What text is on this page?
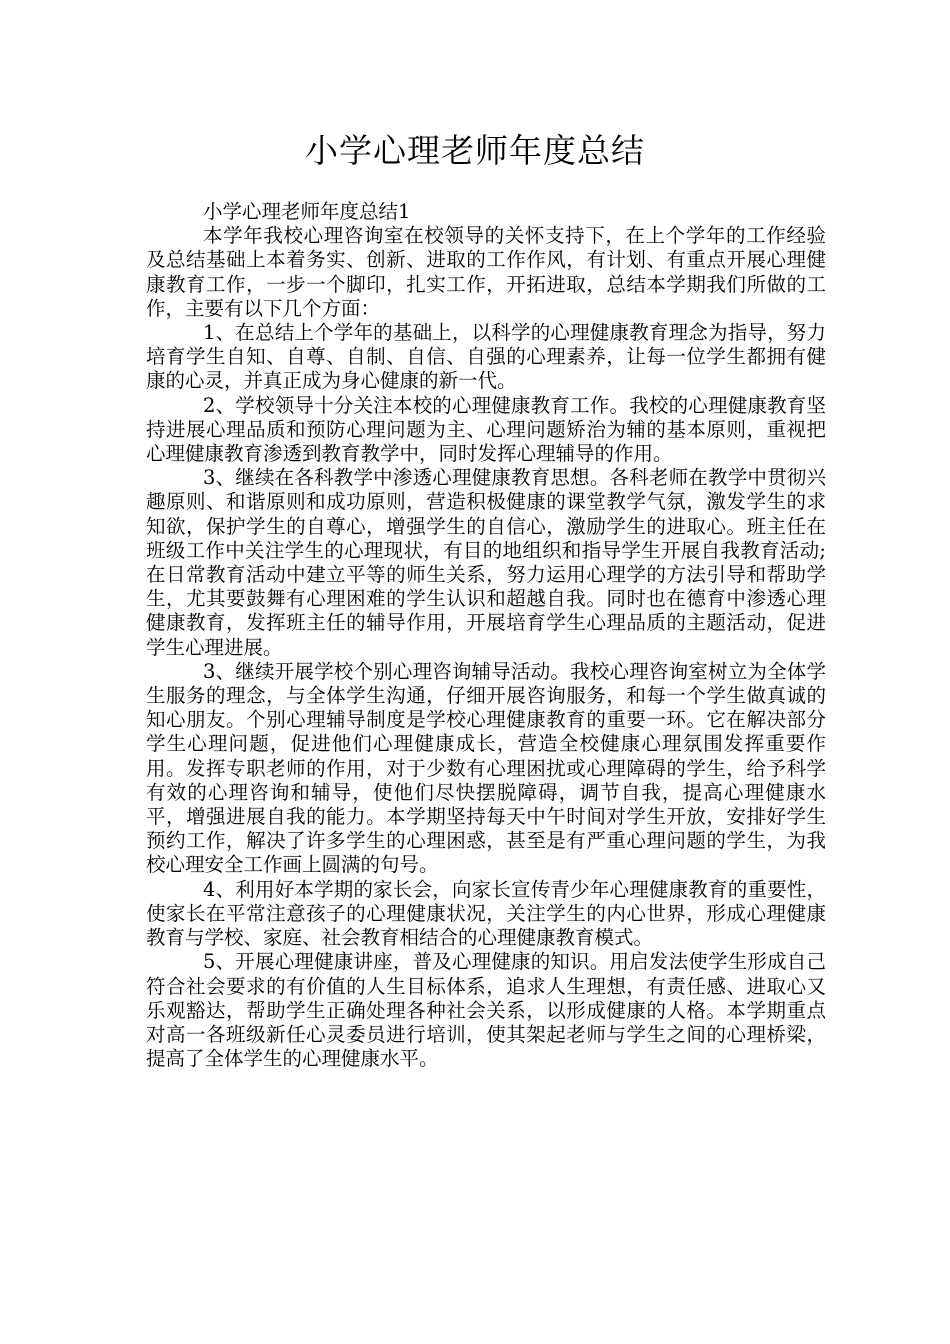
小学心理老师年度总结

小学心理老师年度总结1

本学年我校心理咨询室在校领导的关怀支持下，在上个学年的工作经验及总结基础上本着务实、创新、进取的工作作风，有计划、有重点开展心理健康教育工作，一步一个脚印，扎实工作，开拓进取，总结本学期我们所做的工作，主要有以下几个方面：

1、在总结上个学年的基础上，以科学的心理健康教育理念为指导，努力培育学生自知、自尊、自制、自信、自强的心理素养，让每一位学生都拥有健康的心灵，并真正成为身心健康的新一代。

2、学校领导十分关注本校的心理健康教育工作。我校的心理健康教育坚持进展心理品质和预防心理问题为主、心理问题矫治为辅的基本原则，重视把心理健康教育渗透到教育教学中，同时发挥心理辅导的作用。

3、继续在各科教学中渗透心理健康教育思想。各科老师在教学中贯彻兴趣原则、和谐原则和成功原则，营造积极健康的课堂教学气氛，激发学生的求知欲，保护学生的自尊心，增强学生的自信心，激励学生的进取心。班主任在班级工作中关注学生的心理现状，有目的地组织和指导学生开展自我教育活动;在日常教育活动中建立平等的师生关系，努力运用心理学的方法引导和帮助学生，尤其要鼓舞有心理困难的学生认识和超越自我。同时也在德育中渗透心理健康教育，发挥班主任的辅导作用，开展培育学生心理品质的主题活动，促进学生心理进展。

3、继续开展学校个别心理咨询辅导活动。我校心理咨询室树立为全体学生服务的理念，与全体学生沟通，仔细开展咨询服务，和每一个学生做真诚的知心朋友。个别心理辅导制度是学校心理健康教育的重要一环。它在解决部分学生心理问题，促进他们心理健康成长，营造全校健康心理氛围发挥重要作用。发挥专职老师的作用，对于少数有心理困扰或心理障碍的学生，给予科学有效的心理咨询和辅导，使他们尽快摆脱障碍，调节自我，提高心理健康水平，增强进展自我的能力。本学期坚持每天中午时间对学生开放，安排好学生预约工作，解决了许多学生的心理困惑，甚至是有严重心理问题的学生，为我校心理安全工作画上圆满的句号。

4、利用好本学期的家长会，向家长宣传青少年心理健康教育的重要性，使家长在平常注意孩子的心理健康状况，关注学生的内心世界，形成心理健康教育与学校、家庭、社会教育相结合的心理健康教育模式。

5、开展心理健康讲座，普及心理健康的知识。用启发法使学生形成自己符合社会要求的有价值的人生目标体系，追求人生理想，有责任感、进取心又乐观豁达，帮助学生正确处理各种社会关系，以形成健康的人格。本学期重点对高一各班级新任心灵委员进行培训，使其架起老师与学生之间的心理桥梁，提高了全体学生的心理健康水平。
